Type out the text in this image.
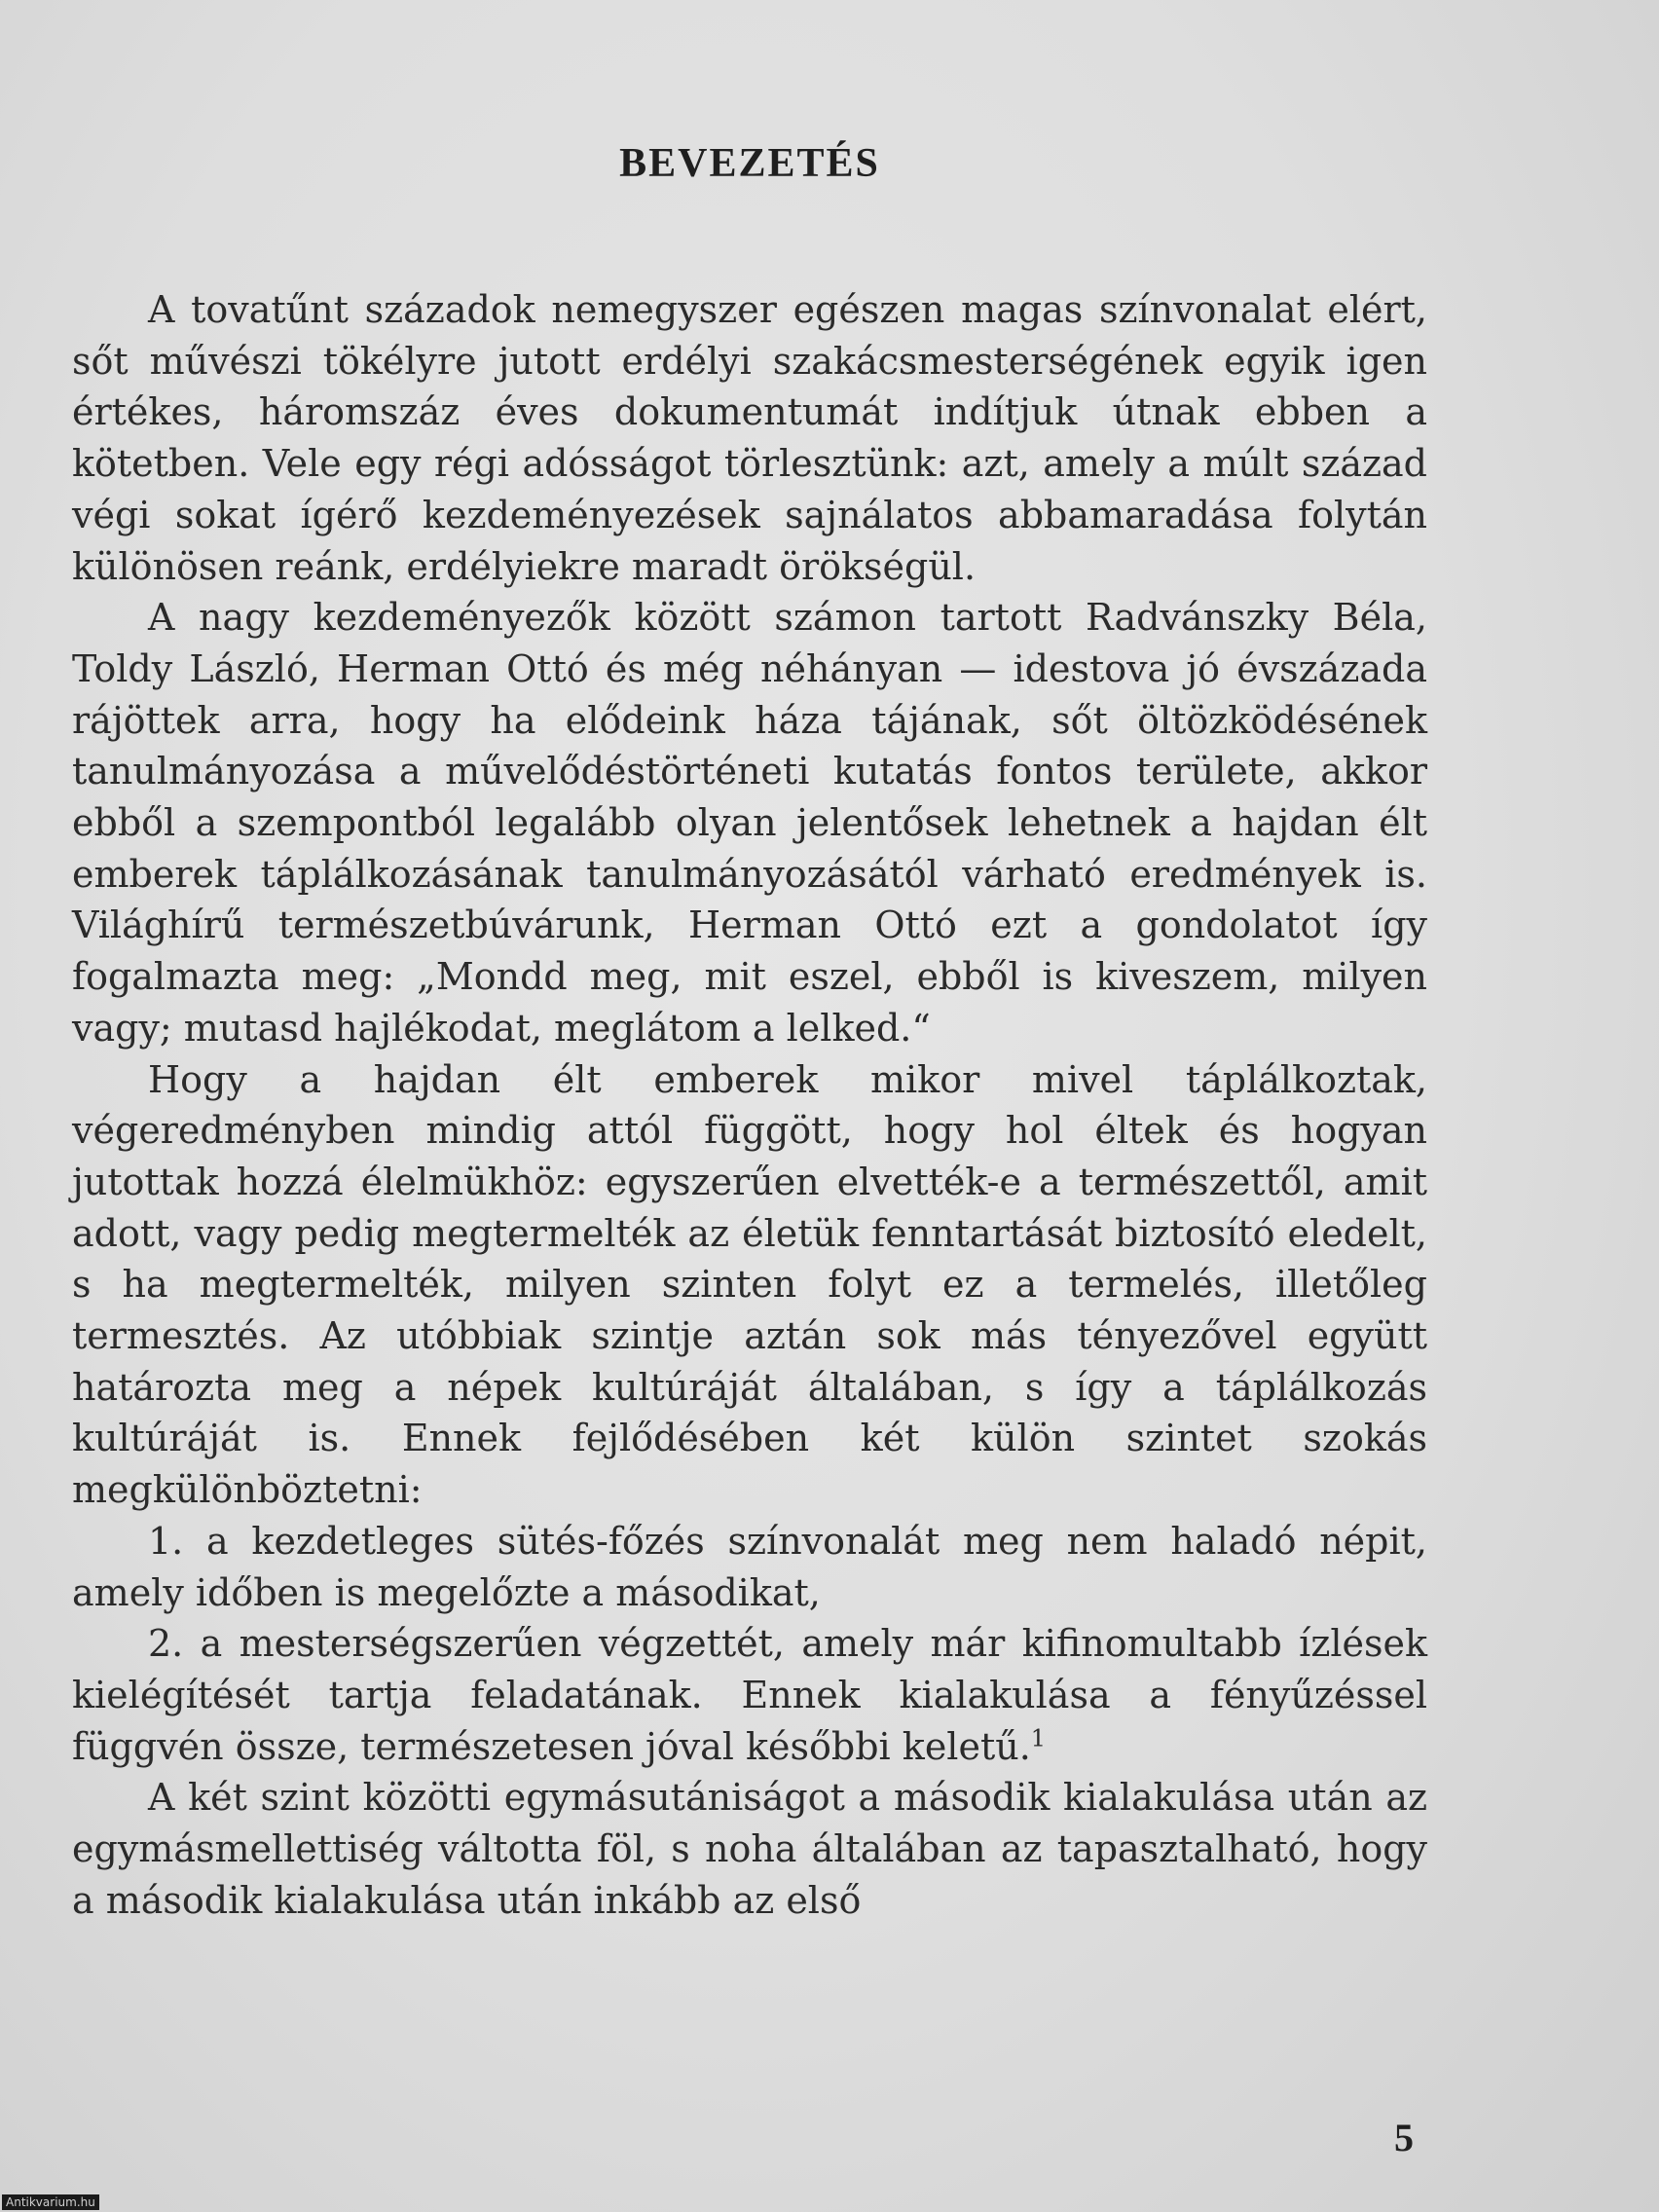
BEVEZETÉS

A tovatűnt századok nemegyszer egészen magas színvonalat elért, sőt művészi tökélyre jutott erdélyi szakácsmesterségének egyik igen értékes, háromszáz éves dokumentumát indítjuk útnak ebben a kötetben. Vele egy régi adósságot törlesztünk: azt, amely a múlt század végi sokat ígérő kezdeményezések sajnálatos abbamaradása folytán különösen reánk, erdélyiekre maradt örökségül.

A nagy kezdeményezők között számon tartott Radvánszky Béla, Toldy László, Herman Ottó és még néhányan — idestova jó évszázada rájöttek arra, hogy ha elődeink háza tájának, sőt öltözködésének tanulmányozása a művelődéstörténeti kutatás fontos területe, akkor ebből a szempontból legalább olyan jelentősek lehetnek a hajdan élt emberek táplálkozásának tanulmányozásától várható eredmények is. Világhírű természetbúvárunk, Herman Ottó ezt a gondolatot így fogalmazta meg: „Mondd meg, mit eszel, ebből is kiveszem, milyen vagy; mutasd hajlékodat, meglátom a lelked.“

Hogy a hajdan élt emberek mikor mivel táplálkoztak, végeredményben mindig attól függött, hogy hol éltek és hogyan jutottak hozzá élelmükhöz: egyszerűen elvették-e a természettől, amit adott, vagy pedig megtermelték az életük fenntartását biztosító eledelt, s ha megtermelték, milyen szinten folyt ez a termelés, illetőleg termesztés. Az utóbbiak szintje aztán sok más tényezővel együtt határozta meg a népek kultúráját általában, s így a táplálkozás kultúráját is. Ennek fejlődésében két külön szintet szokás megkülönböztetni:

1. a kezdetleges sütés-főzés színvonalát meg nem haladó népit, amely időben is megelőzte a másodikat,

2. a mesterségszerűen végzettét, amely már kifinomultabb ízlések kielégítését tartja feladatának. Ennek kialakulása a fényűzéssel függvén össze, természetesen jóval későbbi keletű.$^1$

A két szint közötti egymásutániságot a második kialakulása után az egymásmellettiség váltotta föl, s noha általában az tapasztalható, hogy a második kialakulása után inkább az első

5
Antikvarium.hu
